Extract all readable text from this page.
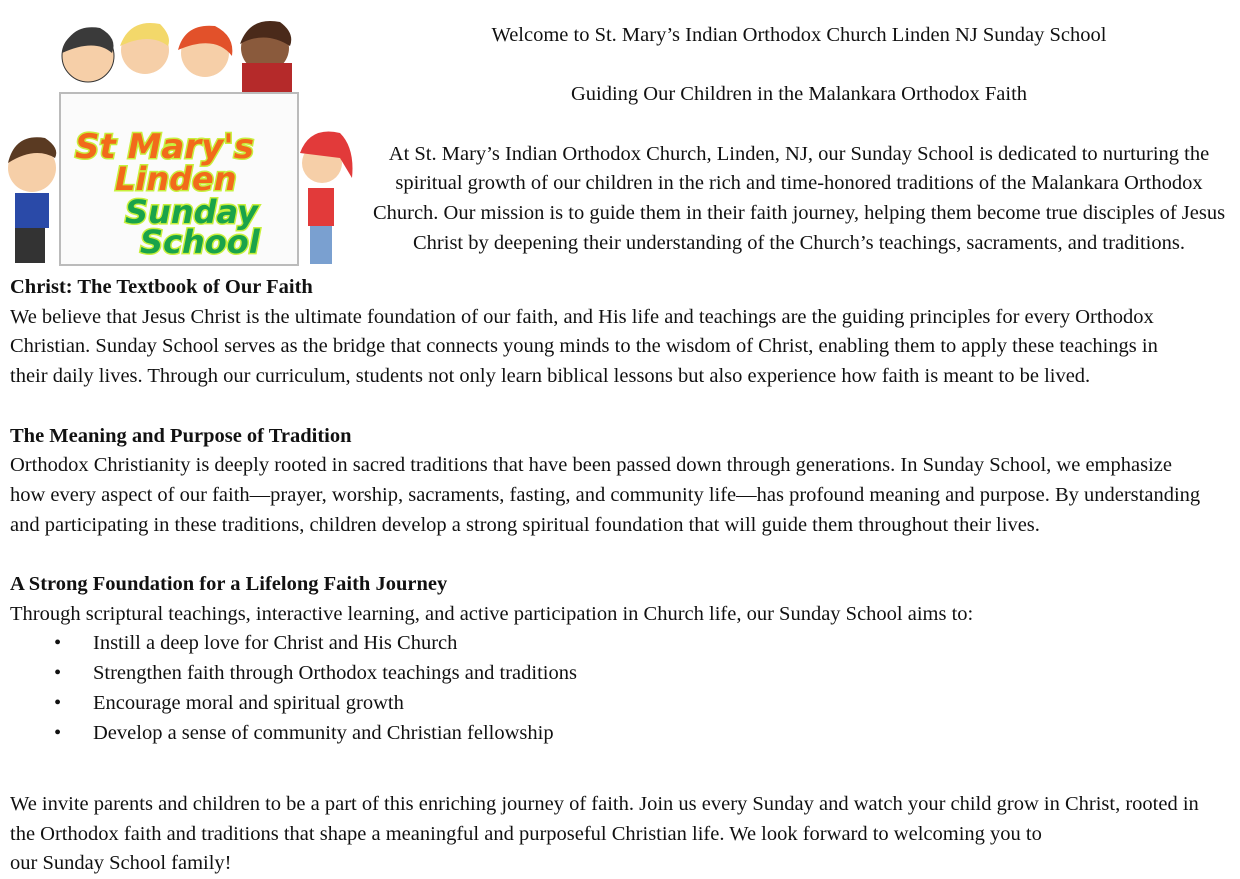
St Mary's
Linden
Sunday
School
Welcome to St. Mary’s Indian Orthodox Church Linden NJ Sunday School
Guiding Our Children in the Malankara Orthodox Faith
At St. Mary’s Indian Orthodox Church, Linden, NJ, our Sunday School is dedicated to nurturing the
spiritual growth of our children in the rich and time-honored traditions of the Malankara Orthodox
Church. Our mission is to guide them in their faith journey, helping them become true disciples of Jesus
Christ by deepening their understanding of the Church’s teachings, sacraments, and traditions.
Christ: The Textbook of Our Faith
We believe that Jesus Christ is the ultimate foundation of our faith, and His life and teachings are the guiding principles for every Orthodox
Christian. Sunday School serves as the bridge that connects young minds to the wisdom of Christ, enabling them to apply these teachings in
their daily lives. Through our curriculum, students not only learn biblical lessons but also experience how faith is meant to be lived.
The Meaning and Purpose of Tradition
Orthodox Christianity is deeply rooted in sacred traditions that have been passed down through generations. In Sunday School, we emphasize
how every aspect of our faith—prayer, worship, sacraments, fasting, and community life—has profound meaning and purpose. By understanding
and participating in these traditions, children develop a strong spiritual foundation that will guide them throughout their lives.
A Strong Foundation for a Lifelong Faith Journey
Through scriptural teachings, interactive learning, and active participation in Church life, our Sunday School aims to:
• Instill a deep love for Christ and His Church
• Strengthen faith through Orthodox teachings and traditions
• Encourage moral and spiritual growth
• Develop a sense of community and Christian fellowship
We invite parents and children to be a part of this enriching journey of faith. Join us every Sunday and watch your child grow in Christ, rooted in
the Orthodox faith and traditions that shape a meaningful and purposeful Christian life. We look forward to welcoming you to
our Sunday School family!
